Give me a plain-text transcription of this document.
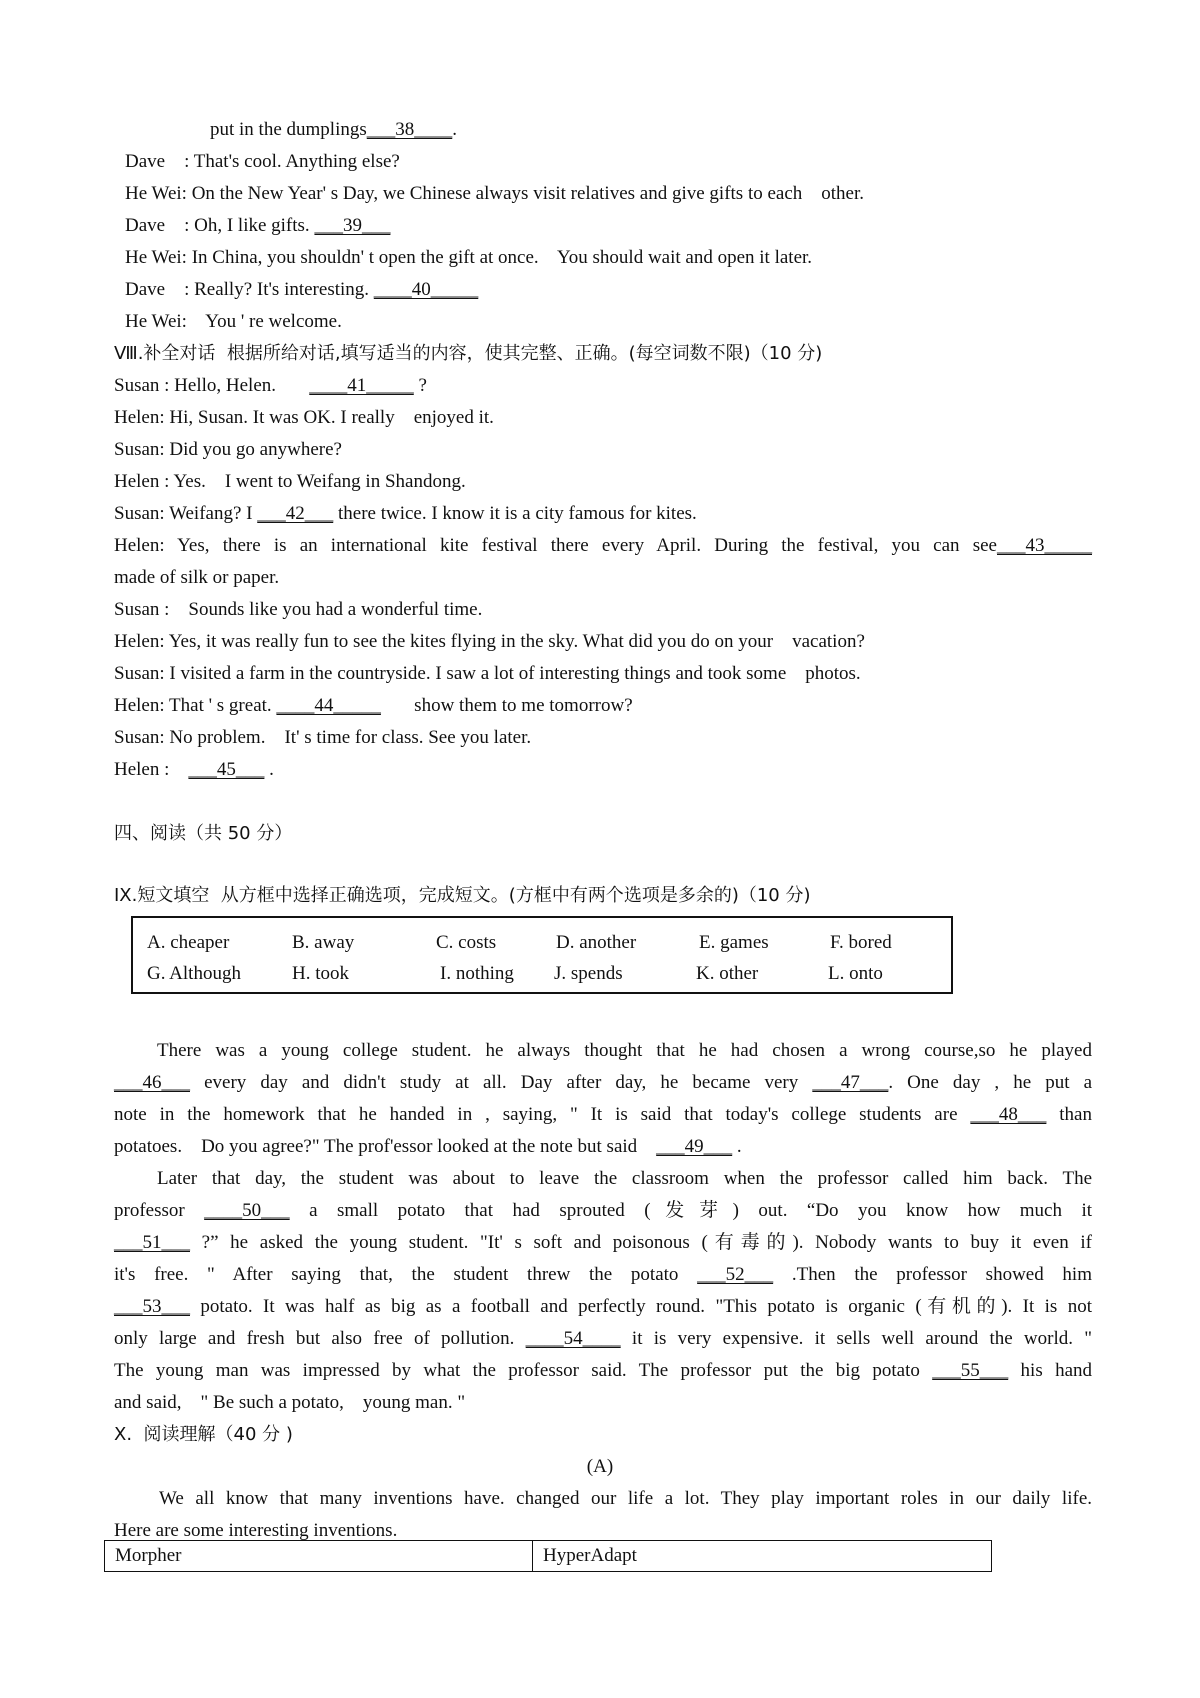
put in the dumplings___38____.
Dave    : That's cool. Anything else?
He Wei: On the New Year' s Day, we Chinese always visit relatives and give gifts to each    other.
Dave    : Oh, I like gifts. ___39___
He Wei: In China, you shouldn' t open the gift at once.    You should wait and open it later.
Dave    : Really? It's interesting. ____40_____
He Wei:    You ' re welcome.
Ⅷ.补全对话  根据所给对话,填写适当的内容，使其完整、正确。(每空词数不限)（10 分)
Susan : Hello, Helen.       ____41_____ ?
Helen: Hi, Susan. It was OK. I really    enjoyed it.
Susan: Did you go anywhere?
Helen : Yes.    I went to Weifang in Shandong.
Susan: Weifang? I ___42___ there twice. I know it is a city famous for kites.
Helen: Yes, there is an international kite festival there every April. During the festival, you can see___43_____
made of silk or paper.
Susan :    Sounds like you had a wonderful time.
Helen: Yes, it was really fun to see the kites flying in the sky. What did you do on your    vacation?
Susan: I visited a farm in the countryside. I saw a lot of interesting things and took some    photos.
Helen: That ' s great. ____44_____       show them to me tomorrow?
Susan: No problem.    It' s time for class. See you later.
Helen :    ___45___ .
四、阅读（共 50 分）
IX.短文填空  从方框中选择正确选项，完成短文。(方框中有两个选项是多余的)（10 分)
A. cheaper	B. away	C. costs	D. another	E. games	F. bored
G. Although	H. took	I. nothing J. spends	K. other	L. onto
There was a young college student. he always thought that he had chosen a wrong course,so he played
___46___ every day and didn't study at all. Day after day, he became very ___47___. One day , he put a
note in the homework that he handed in , saying, " It is said that today's college students are ___48___ than
potatoes.    Do you agree?" The prof'essor looked at the note but said    ___49___ .
Later that day, the student was about to leave the classroom when the professor called him back. The
professor ____50___ a small potato that had sprouted (发芽) out. “Do you know how much it
___51___ ?” he asked the young student. "It' s soft and poisonous (有毒的). Nobody wants to buy it even if
it's free. " After saying that, the student threw the potato ___52___ .Then the professor showed him
___53___ potato. It was half as big as a football and perfectly round. "This potato is organic (有机的). It is not
only large and fresh but also free of pollution. ____54____ it is very expensive. it sells well around the world. "
The young man was impressed by what the professor said. The professor put the big potato ___55___ his hand
and said,    " Be such a potato,    young man. "
X.  阅读理解（40 分 )
(A)
We all know that many inventions have. changed our life a lot. They play important roles in our daily life.
Here are some interesting inventions.
Morpher	HyperAdapt
